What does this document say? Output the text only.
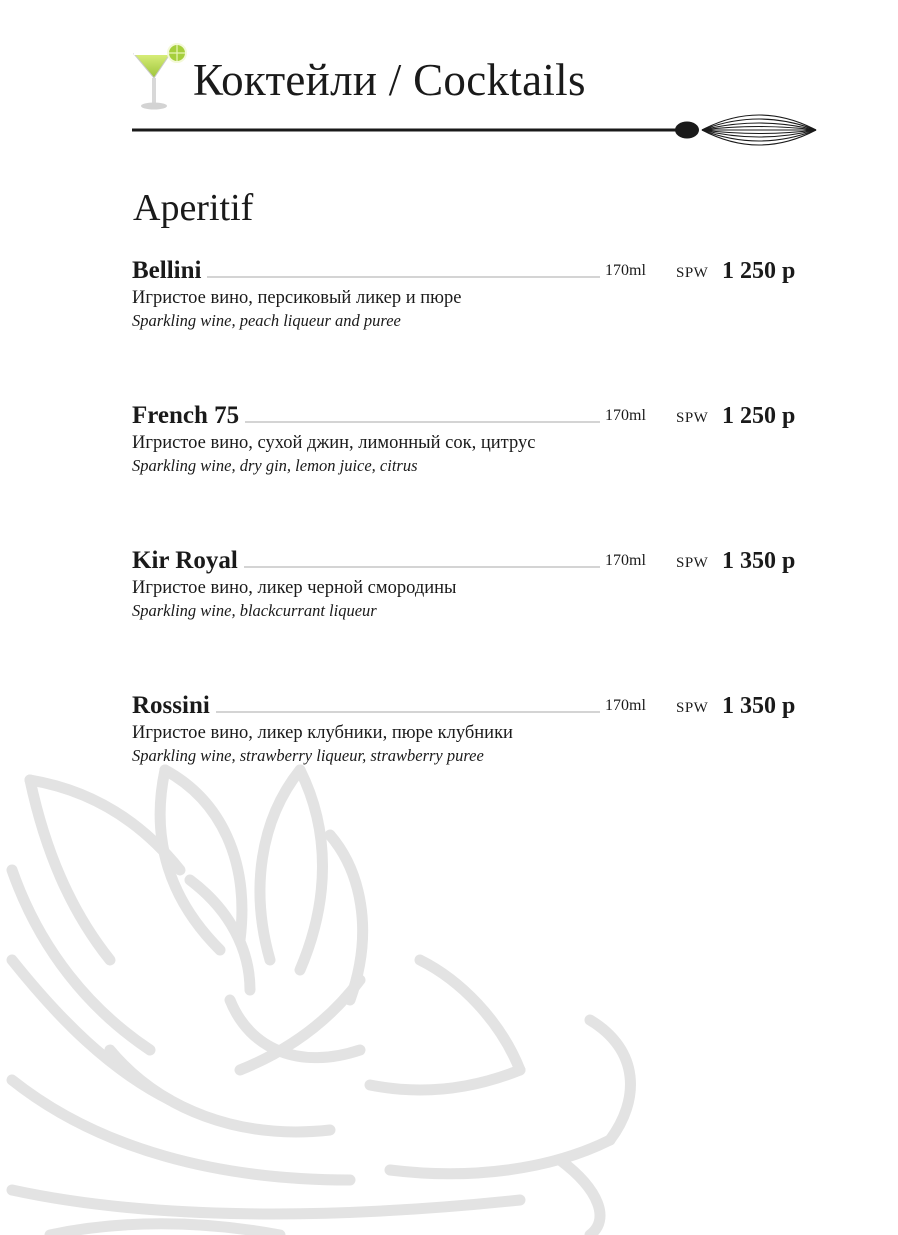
Коктейли / Cocktails
Aperitif
Bellini	170ml SPW 1 250 р
Игристое вино, персиковый ликер и пюре
Sparkling wine, peach liqueur and puree
French 75	170ml SPW 1 250 р
Игристое вино, сухой джин, лимонный сок, цитрус
Sparkling wine, dry gin, lemon juice, citrus
Kir Royal	170ml SPW 1 350 р
Игристое вино, ликер черной смородины
Sparkling wine, blackcurrant liqueur
Rossini	170ml SPW 1 350 р
Игристое вино, ликер клубники, пюре клубники
Sparkling wine, strawberry liqueur, strawberry puree
